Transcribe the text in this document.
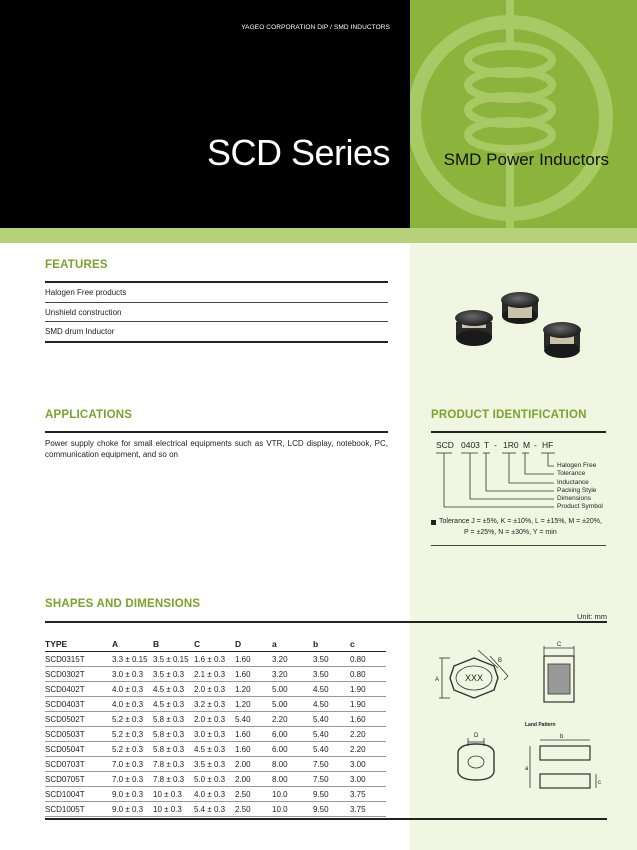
YAGEO CORPORATION DIP / SMD INDUCTORS
SCD Series	SMD Power Inductors
FEATURES
Halogen Free products
Unshield construction
SMD drum Inductor
APPLICATIONS
Power supply choke for small electrical equipments such as VTR, LCD display, notebook, PC, communication equipment, and so on
PRODUCT IDENTIFICATION
SCD 0403 T - 1R0 M - HF
Halogen Free
Tolerance
Inductance
Packing Style
Dimensions
Product Symbol
Tolerance J = ±5%, K = ±10%, L = ±15%, M = ±20%,
P = ±25%, N = ±30%, Y = min
SHAPES AND DIMENSIONS
Unit: mm
TYPE	A	B	C	D	a	b	c
SCD0315T	3.3 ± 0.15	3.5 ± 0.15	1.6 ± 0.3	1.60	3.20	3.50	0.80
SCD0302T	3.0 ± 0.3	3.5 ± 0.3	2.1 ± 0.3	1.60	3.20	3.50	0.80
SCD0402T	4.0 ± 0.3	4.5 ± 0.3	2.0 ± 0.3	1.20	5.00	4.50	1.90
SCD0403T	4.0 ± 0.3	4.5 ± 0.3	3.2 ± 0.3	1.20	5.00	4.50	1.90
SCD0502T	5.2 ± 0.3	5.8 ± 0.3	2.0 ± 0.3	5.40	2.20	5.40	1.60
SCD0503T	5.2 ± 0.3	5.8 ± 0.3	3.0 ± 0.3	1.60	6.00	5.40	2.20
SCD0504T	5.2 ± 0.3	5.8 ± 0.3	4.5 ± 0.3	1.60	6.00	5.40	2.20
SCD0703T	7.0 ± 0.3	7.8 ± 0.3	3.5 ± 0.3	2.00	8.00	7.50	3.00
SCD0705T	7.0 ± 0.3	7.8 ± 0.3	5.0 ± 0.3	2.00	8.00	7.50	3.00
SCD1004T	9.0 ± 0.3	10 ± 0.3	4.0 ± 0.3	2.50	10.0	9.50	3.75
SCD1005T	9.0 ± 0.3	10 ± 0.3	5.4 ± 0.3	2.50	10.0	9.50	3.75
XXX
A
B
C
D
Land Pattern
b
a
c
